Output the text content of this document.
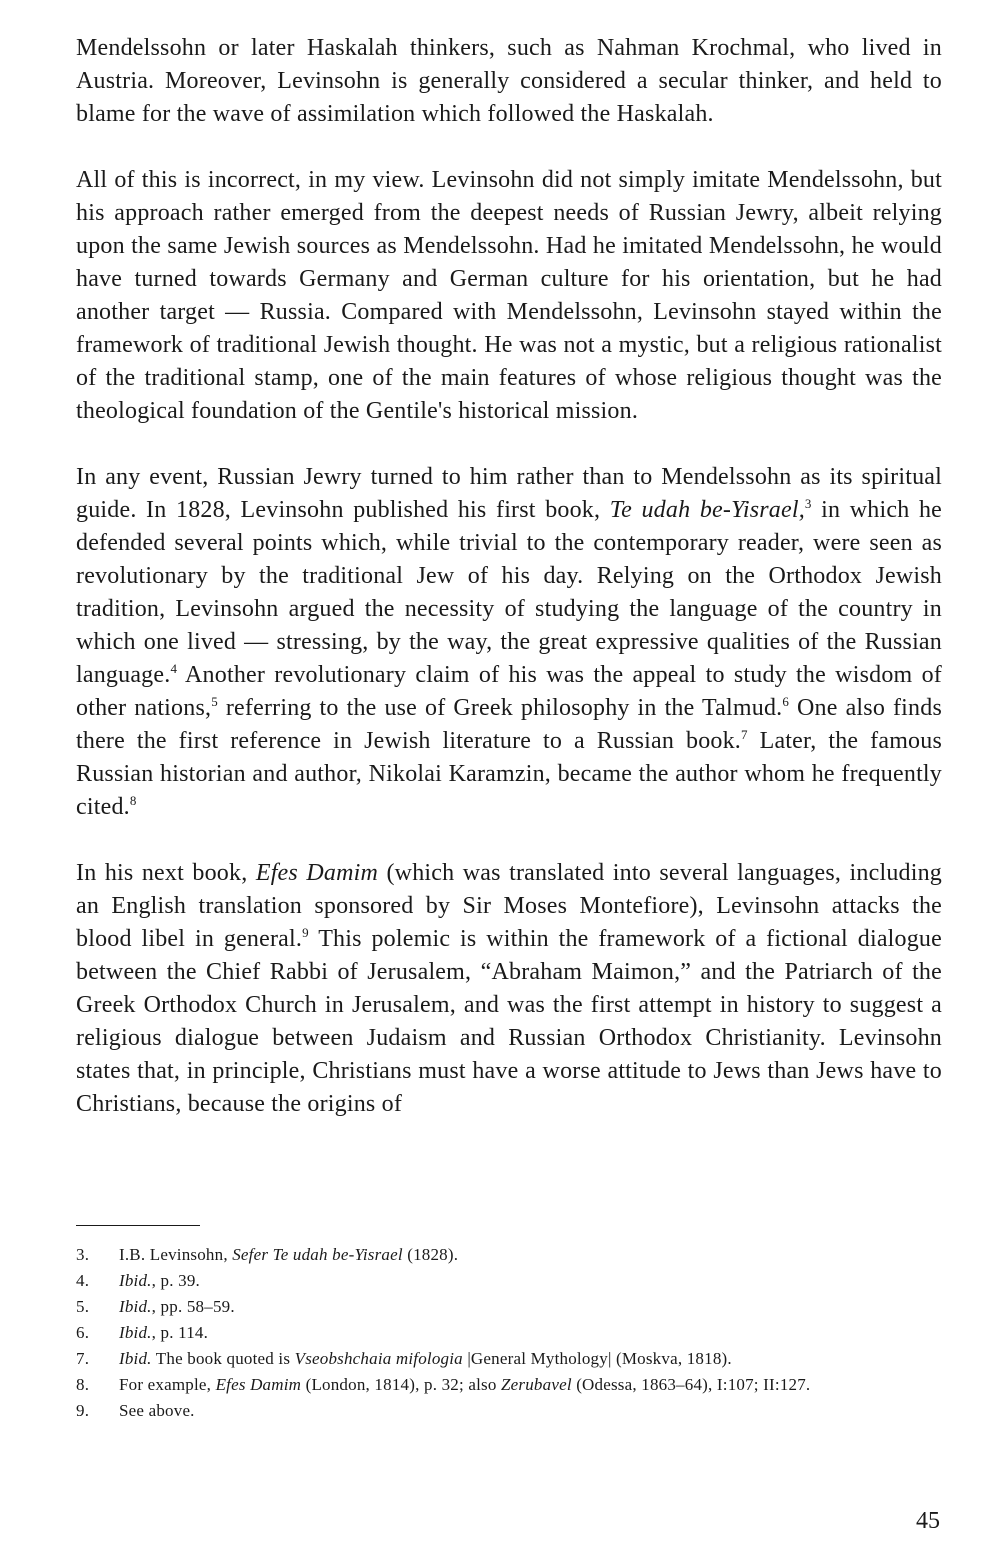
Mendelssohn or later Haskalah thinkers, such as Nahman Krochmal, who lived in Austria. Moreover, Levinsohn is generally considered a secular thinker, and held to blame for the wave of assimilation which followed the Haskalah.

All of this is incorrect, in my view. Levinsohn did not simply imitate Mendelssohn, but his approach rather emerged from the deepest needs of Russian Jewry, albeit relying upon the same Jewish sources as Mendelssohn. Had he imitated Mendelssohn, he would have turned towards Germany and German culture for his orientation, but he had another target — Russia. Compared with Mendelssohn, Levinsohn stayed within the framework of traditional Jewish thought. He was not a mystic, but a religious rationalist of the traditional stamp, one of the main features of whose religious thought was the theological foundation of the Gentile's historical mission.

In any event, Russian Jewry turned to him rather than to Mendelssohn as its spiritual guide. In 1828, Levinsohn published his first book, Te udah be-Yisrael,$^3$ in which he defended several points which, while trivial to the contemporary reader, were seen as revolutionary by the traditional Jew of his day. Relying on the Orthodox Jewish tradition, Levinsohn argued the necessity of studying the language of the country in which one lived — stressing, by the way, the great expressive qualities of the Russian language.$^4$ Another revolutionary claim of his was the appeal to study the wisdom of other nations,$^5$ referring to the use of Greek philosophy in the Talmud.$^6$ One also finds there the first reference in Jewish literature to a Russian book.$^7$ Later, the famous Russian historian and author, Nikolai Karamzin, became the author whom he frequently cited.$^8$

In his next book, Efes Damim (which was translated into several languages, including an English translation sponsored by Sir Moses Montefiore), Levinsohn attacks the blood libel in general.$^9$ This polemic is within the framework of a fictional dialogue between the Chief Rabbi of Jerusalem, “Abraham Maimon,” and the Patriarch of the Greek Orthodox Church in Jerusalem, and was the first attempt in history to suggest a religious dialogue between Judaism and Russian Orthodox Christianity. Levinsohn states that, in principle, Christians must have a worse attitude to Jews than Jews have to Christians, because the origins of

3. I.B. Levinsohn, Sefer Te udah be-Yisrael (1828).

4. Ibid., p. 39.

5. Ibid., pp. 58–59.

6. Ibid., p. 114.

7. Ibid. The book quoted is Vseobshchaia mifologia |General Mythology| (Moskva, 1818).

8. For example, Efes Damim (London, 1814), p. 32; also Zerubavel (Odessa, 1863–64), I:107; II:127.

9. See above.

45
